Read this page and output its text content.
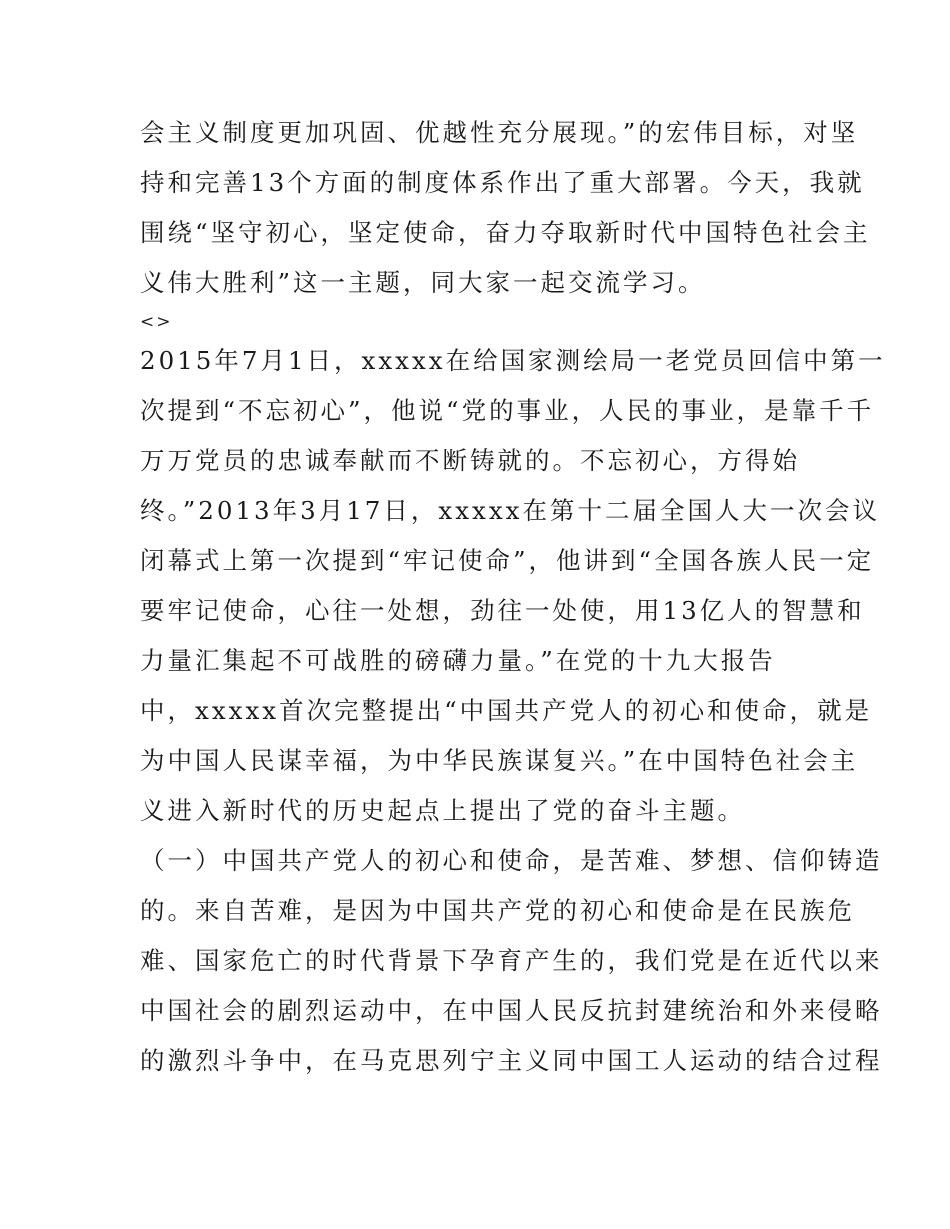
会主义制度更加巩固、优越性充分展现。”的宏伟目标，对坚
持和完善13个方面的制度体系作出了重大部署。今天，我就
围绕“坚守初心，坚定使命，奋力夺取新时代中国特色社会主
义伟大胜利”这一主题，同大家一起交流学习。
<>
2015年7月1日，xxxxx在给国家测绘局一老党员回信中第一
次提到“不忘初心”，他说“党的事业，人民的事业，是靠千千
万万党员的忠诚奉献而不断铸就的。不忘初心，方得始
终。”2013年3月17日，xxxxx在第十二届全国人大一次会议
闭幕式上第一次提到“牢记使命”，他讲到“全国各族人民一定
要牢记使命，心往一处想，劲往一处使，用13亿人的智慧和
力量汇集起不可战胜的磅礴力量。”在党的十九大报告
中，xxxxx首次完整提出“中国共产党人的初心和使命，就是
为中国人民谋幸福，为中华民族谋复兴。”在中国特色社会主
义进入新时代的历史起点上提出了党的奋斗主题。
（一）中国共产党人的初心和使命，是苦难、梦想、信仰铸造
的。来自苦难，是因为中国共产党的初心和使命是在民族危
难、国家危亡的时代背景下孕育产生的，我们党是在近代以来
中国社会的剧烈运动中，在中国人民反抗封建统治和外来侵略
的激烈斗争中，在马克思列宁主义同中国工人运动的结合过程
